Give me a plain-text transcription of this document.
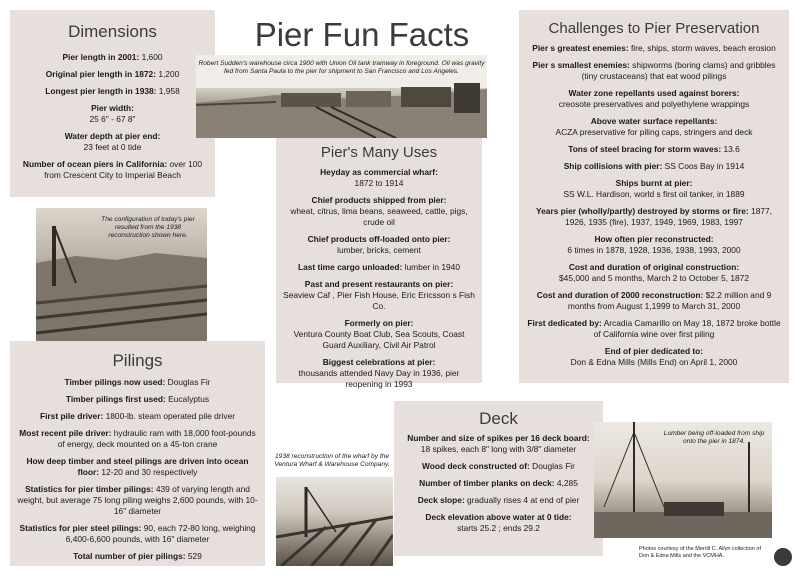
Dimensions

Pier length in 2001: 1,600

Original pier length in 1872: 1,200

Longest pier length in 1938: 1,958

Pier width:
25 6" - 67 8"

Water depth at pier end:
23 feet at 0 tide

Number of ocean piers in California: over 100 from Crescent City to Imperial Beach

Pier Fun Facts
Robert Sudden's warehouse circa 1900 with Union Oil tank tramway in foreground. Oil was gravity fed from Santa Paula to the pier for shipment to San Francisco and Los Angeles.
Pier's Many Uses

Heyday as commercial wharf:
1872 to 1914

Chief products shipped from pier:
wheat, citrus, lima beans, seaweed, cattle, pigs, crude oil

Chief products off-loaded onto pier:
lumber, bricks, cement

Last time cargo unloaded: lumber in 1940

Past and present restaurants on pier:
Seaview Caf , Pier Fish House, Eric Ericsson s Fish Co.

Formerly on pier:
Ventura County Boat Club, Sea Scouts, Coast Guard Auxiliary, Civil Air Patrol

Biggest celebrations at pier:
thousands attended Navy Day in 1936, pier reopening in 1993

Challenges to Pier Preservation

Pier s greatest enemies: fire, ships, storm waves, beach erosion

Pier s smallest enemies: shipworms (boring clams) and gribbles (tiny crustaceans) that eat wood pilings

Water zone repellants used against borers:
creosote preservatives and polyethylene wrappings

Above water surface repellants:
ACZA preservative for piling caps, stringers and deck

Tons of steel bracing for storm waves: 13.6

Ship collisions with pier: SS Coos Bay in 1914

Ships burnt at pier:
SS W.L. Hardison, world s first oil tanker, in 1889

Years pier (wholly/partly) destroyed by storms or fire: 1877, 1926, 1935 (fire), 1937, 1949, 1969, 1983, 1997

How often pier reconstructed:
6 times in 1878, 1928, 1936, 1938, 1993, 2000

Cost and duration of original construction:
$45,000 and 5 months, March 2 to October 5, 1872

Cost and duration of 2000 reconstruction: $2.2 million and 9 months from August 1,1999 to March 31, 2000

First dedicated by: Arcadia Camarillo on May 18, 1872 broke bottle of California wine over first piling

End of pier dedicated to:
Don & Edna Mills (Mills End) on April 1, 2000

The configuration of today's pier resulted from the 1938 reconstruction shown here.
Pilings

Timber pilings now used: Douglas Fir

Timber pilings first used: Eucalyptus

First pile driver: 1800-lb. steam operated pile driver

Most recent pile driver: hydraulic ram with 18,000 foot-pounds of energy, deck mounted on a 45-ton crane

How deep timber and steel pilings are driven into ocean floor: 12-20 and 30 respectively

Statistics for pier timber pilings: 439 of varying length and weight, but average 75 long piling weighs 2,600 pounds, with 10-16" diameter

Statistics for pier steel pilings: 90, each 72-80 long, weighing 6,400-6,600 pounds, with 16" diameter

Total number of pier pilings: 529

1938 reconstruction of the wharf by the Ventura Wharf & Warehouse Company.
Deck

Number and size of spikes per 16 deck board:
18 spikes, each 8" long with 3/8" diameter

Wood deck constructed of: Douglas Fir

Number of timber planks on deck: 4,285

Deck slope: gradually rises 4 at end of pier

Deck elevation above water at 0 tide:
starts 25.2 ; ends 29.2

Lumber being off-loaded from ship onto the pier in 1874.
Photos courtesy of the Merrill C. Allyn collection of Don & Edna Mills and the VCMHA.
